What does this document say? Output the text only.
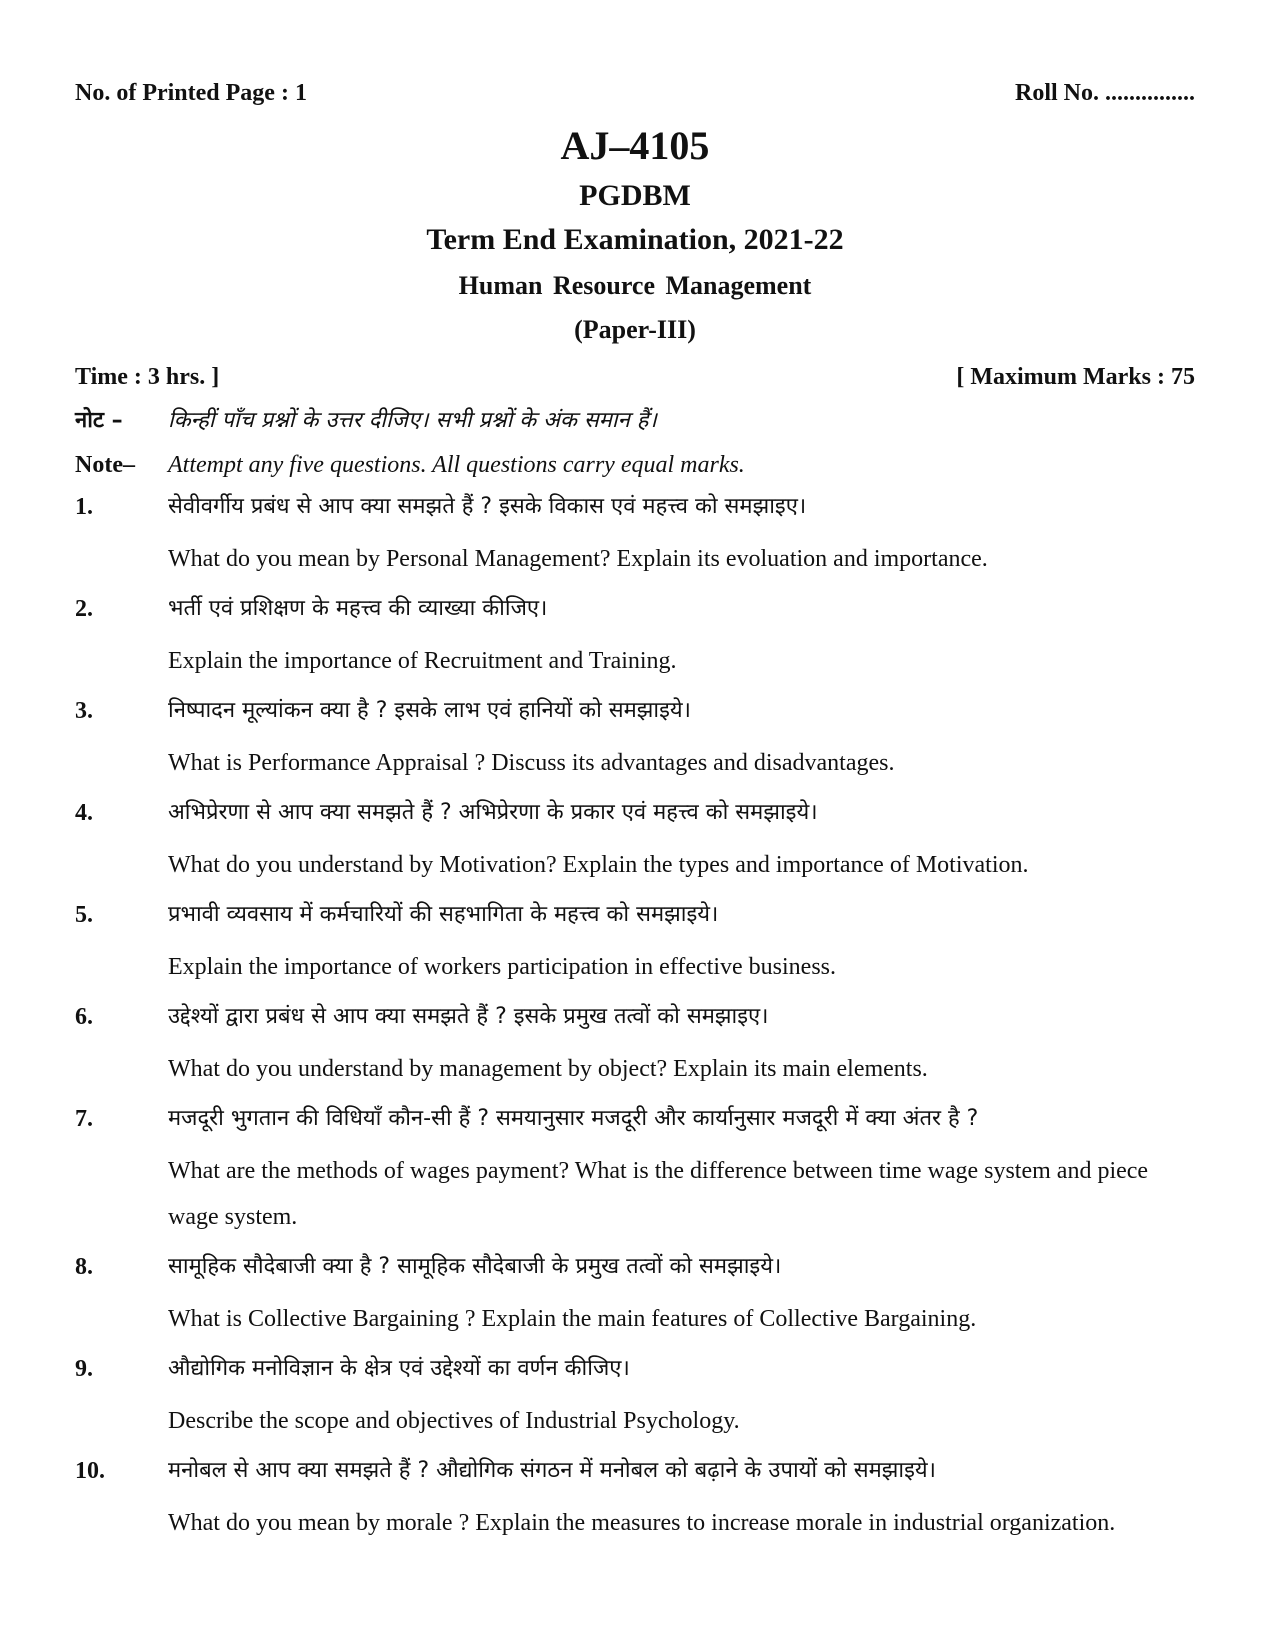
No. of Printed Page : 1	Roll No. ...............
AJ–4105
PGDBM
Term End Examination, 2021-22
Human Resource Management
(Paper-III)
Time : 3 hrs. ]	[ Maximum Marks : 75
नोट –	किन्हीं पाँच प्रश्नों के उत्तर दीजिए। सभी प्रश्नों के अंक समान हैं।
Note–	Attempt any five questions. All questions carry equal marks.
1.	सेवीवर्गीय प्रबंध से आप क्या समझते हैं ? इसके विकास एवं महत्त्व को समझाइए।
What do you mean by Personal Management? Explain its evoluation and importance.
2.	भर्ती एवं प्रशिक्षण के महत्त्व की व्याख्या कीजिए।
Explain the importance of Recruitment and Training.
3.	निष्पादन मूल्यांकन क्या है ? इसके लाभ एवं हानियों को समझाइये।
What is Performance Appraisal ? Discuss its advantages and disadvantages.
4.	अभिप्रेरणा से आप क्या समझते हैं ? अभिप्रेरणा के प्रकार एवं महत्त्व को समझाइये।
What do you understand by Motivation? Explain the types and importance of Motivation.
5.	प्रभावी व्यवसाय में कर्मचारियों की सहभागिता के महत्त्व को समझाइये।
Explain the importance of workers participation in effective business.
6.	उद्देश्यों द्वारा प्रबंध से आप क्या समझते हैं ? इसके प्रमुख तत्वों को समझाइए।
What do you understand by management by object? Explain its main elements.
7.	मजदूरी भुगतान की विधियाँ कौन-सी हैं ? समयानुसार मजदूरी और कार्यानुसार मजदूरी में क्या अंतर है ?
What are the methods of wages payment? What is the difference between time wage system and piece wage system.
8.	सामूहिक सौदेबाजी क्या है ? सामूहिक सौदेबाजी के प्रमुख तत्वों को समझाइये।
What is Collective Bargaining ? Explain the main features of Collective Bargaining.
9.	औद्योगिक मनोविज्ञान के क्षेत्र एवं उद्देश्यों का वर्णन कीजिए।
Describe the scope and objectives of Industrial Psychology.
10.	मनोबल से आप क्या समझते हैं ? औद्योगिक संगठन में मनोबल को बढ़ाने के उपायों को समझाइये।
What do you mean by morale ? Explain the measures to increase morale in industrial organization.
